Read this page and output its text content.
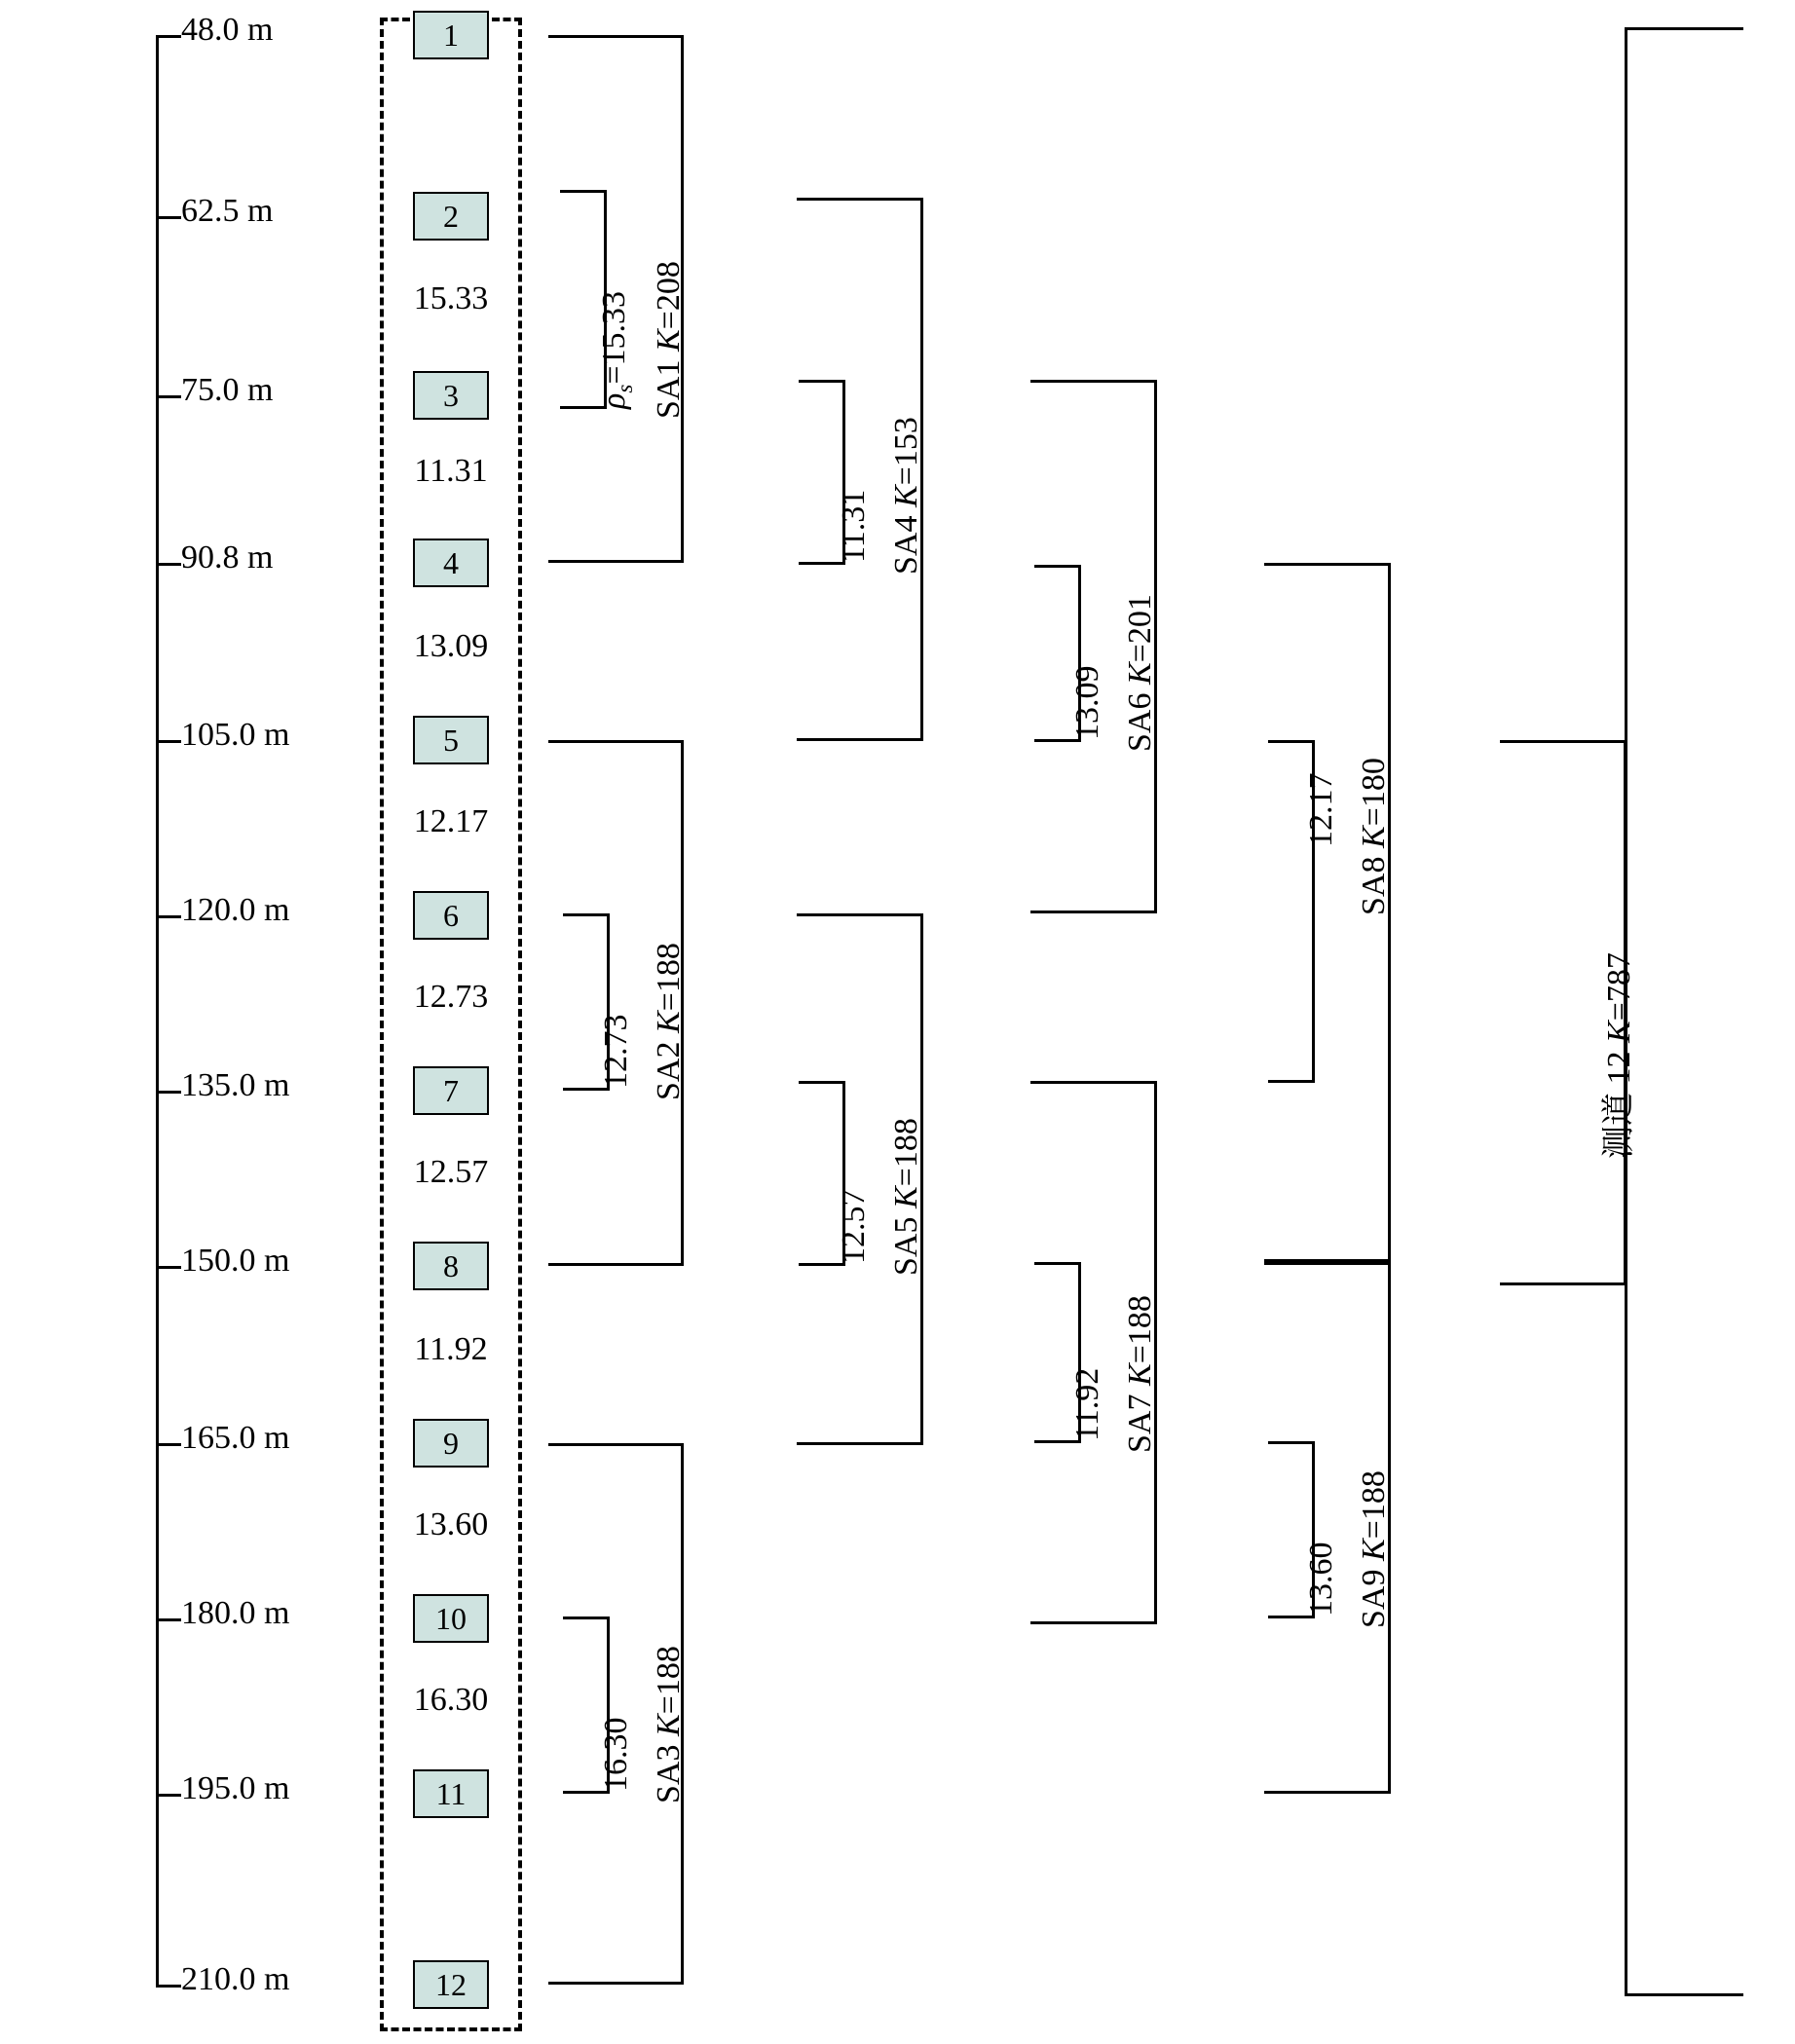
48.0 m
62.5 m
75.0 m
90.8 m
105.0 m
120.0 m
135.0 m
150.0 m
165.0 m
180.0 m
195.0 m
210.0 m
1
2
3
4
5
6
7
8
9
10
11
12
15.33
11.31
13.09
12.17
12.73
12.57
11.92
13.60
16.30
$\rho_s=15.33$
SA1 K=208
12.73 SA2 K=188
16.30 SA3 K=188
11.31 SA4 K=153
12.57 SA5 K=188
13.09 SA6 K=201
11.92 SA7 K=188
12.17
SA8 K=180
13.60 SA9 K=188
测道 12 K=787
